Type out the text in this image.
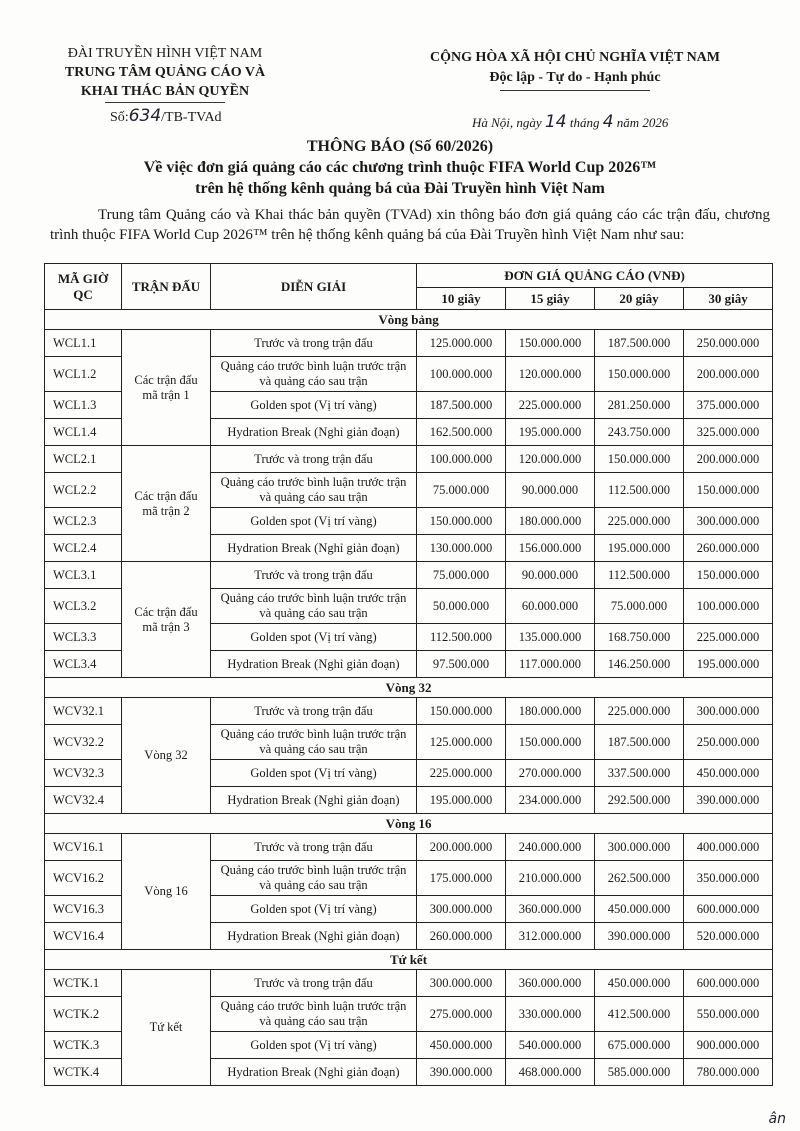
ĐÀI TRUYỀN HÌNH VIỆT NAM
TRUNG TÂM QUẢNG CÁO VÀ
KHAI THÁC BẢN QUYỀN
CỘNG HÒA XÃ HỘI CHỦ NGHĨA VIỆT NAM
Độc lập - Tự do - Hạnh phúc
Số:634/TB-TVAd	Hà Nội, ngày 14 tháng 4 năm 2026
THÔNG BÁO (Số 60/2026)
Về việc đơn giá quảng cáo các chương trình thuộc FIFA World Cup 2026™
trên hệ thống kênh quảng bá của Đài Truyền hình Việt Nam
Trung tâm Quảng cáo và Khai thác bản quyền (TVAd) xin thông báo đơn giá quảng cáo các trận đấu, chương trình thuộc FIFA World Cup 2026™ trên hệ thống kênh quảng bá của Đài Truyền hình Việt Nam như sau:
MÃ GIỜ QC	TRẬN ĐẤU	DIỄN GIẢI	ĐƠN GIÁ QUẢNG CÁO (VNĐ)			
			10 giây	15 giây	20 giây	30 giây
Vòng bảng						
WCL1.1	Các trận đấu mã trận 1	Trước và trong trận đấu	125.000.000	150.000.000	187.500.000	250.000.000
WCL1.2		Quảng cáo trước bình luận trước trận và quảng cáo sau trận	100.000.000	120.000.000	150.000.000	200.000.000
WCL1.3		Golden spot (Vị trí vàng)	187.500.000	225.000.000	281.250.000	375.000.000
WCL1.4		Hydration Break (Nghỉ giản đoạn)	162.500.000	195.000.000	243.750.000	325.000.000
WCL2.1	Các trận đấu mã trận 2	Trước và trong trận đấu	100.000.000	120.000.000	150.000.000	200.000.000
WCL2.2		Quảng cáo trước bình luận trước trận và quảng cáo sau trận	75.000.000	90.000.000	112.500.000	150.000.000
WCL2.3		Golden spot (Vị trí vàng)	150.000.000	180.000.000	225.000.000	300.000.000
WCL2.4		Hydration Break (Nghỉ giản đoạn)	130.000.000	156.000.000	195.000.000	260.000.000
WCL3.1	Các trận đấu mã trận 3	Trước và trong trận đấu	75.000.000	90.000.000	112.500.000	150.000.000
WCL3.2		Quảng cáo trước bình luận trước trận và quảng cáo sau trận	50.000.000	60.000.000	75.000.000	100.000.000
WCL3.3		Golden spot (Vị trí vàng)	112.500.000	135.000.000	168.750.000	225.000.000
WCL3.4		Hydration Break (Nghỉ giản đoạn)	97.500.000	117.000.000	146.250.000	195.000.000
Vòng 32						
WCV32.1	Vòng 32	Trước và trong trận đấu	150.000.000	180.000.000	225.000.000	300.000.000
WCV32.2		Quảng cáo trước bình luận trước trận và quảng cáo sau trận	125.000.000	150.000.000	187.500.000	250.000.000
WCV32.3		Golden spot (Vị trí vàng)	225.000.000	270.000.000	337.500.000	450.000.000
WCV32.4		Hydration Break (Nghỉ giản đoạn)	195.000.000	234.000.000	292.500.000	390.000.000
Vòng 16						
WCV16.1	Vòng 16	Trước và trong trận đấu	200.000.000	240.000.000	300.000.000	400.000.000
WCV16.2		Quảng cáo trước bình luận trước trận và quảng cáo sau trận	175.000.000	210.000.000	262.500.000	350.000.000
WCV16.3		Golden spot (Vị trí vàng)	300.000.000	360.000.000	450.000.000	600.000.000
WCV16.4		Hydration Break (Nghỉ giản đoạn)	260.000.000	312.000.000	390.000.000	520.000.000
Tứ kết						
WCTK.1	Tứ kết	Trước và trong trận đấu	300.000.000	360.000.000	450.000.000	600.000.000
WCTK.2		Quảng cáo trước bình luận trước trận và quảng cáo sau trận	275.000.000	330.000.000	412.500.000	550.000.000
WCTK.3		Golden spot (Vị trí vàng)	450.000.000	540.000.000	675.000.000	900.000.000
WCTK.4		Hydration Break (Nghỉ giản đoạn)	390.000.000	468.000.000	585.000.000	780.000.000
ân
